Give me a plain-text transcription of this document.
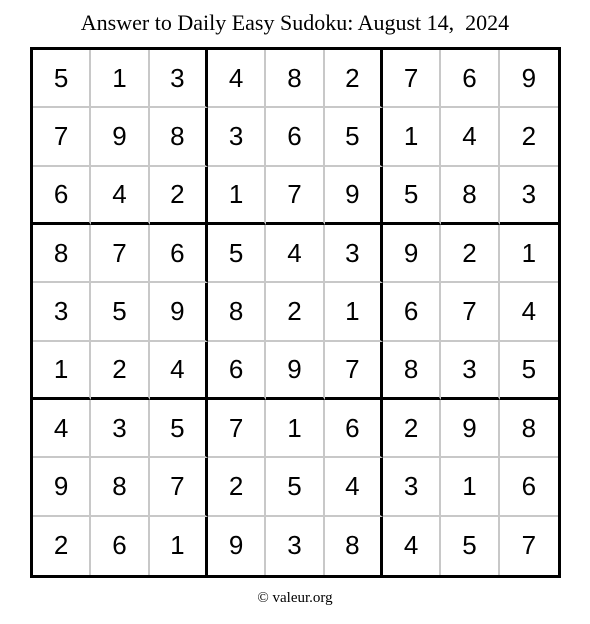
Answer to Daily Easy Sudoku: August 14,  2024
5	1	3	4	8	2	7	6	9
7	9	8	3	6	5	1	4	2
6	4	2	1	7	9	5	8	3
8	7	6	5	4	3	9	2	1
3	5	9	8	2	1	6	7	4
1	2	4	6	9	7	8	3	5
4	3	5	7	1	6	2	9	8
9	8	7	2	5	4	3	1	6
2	6	1	9	3	8	4	5	7
© valeur.org
